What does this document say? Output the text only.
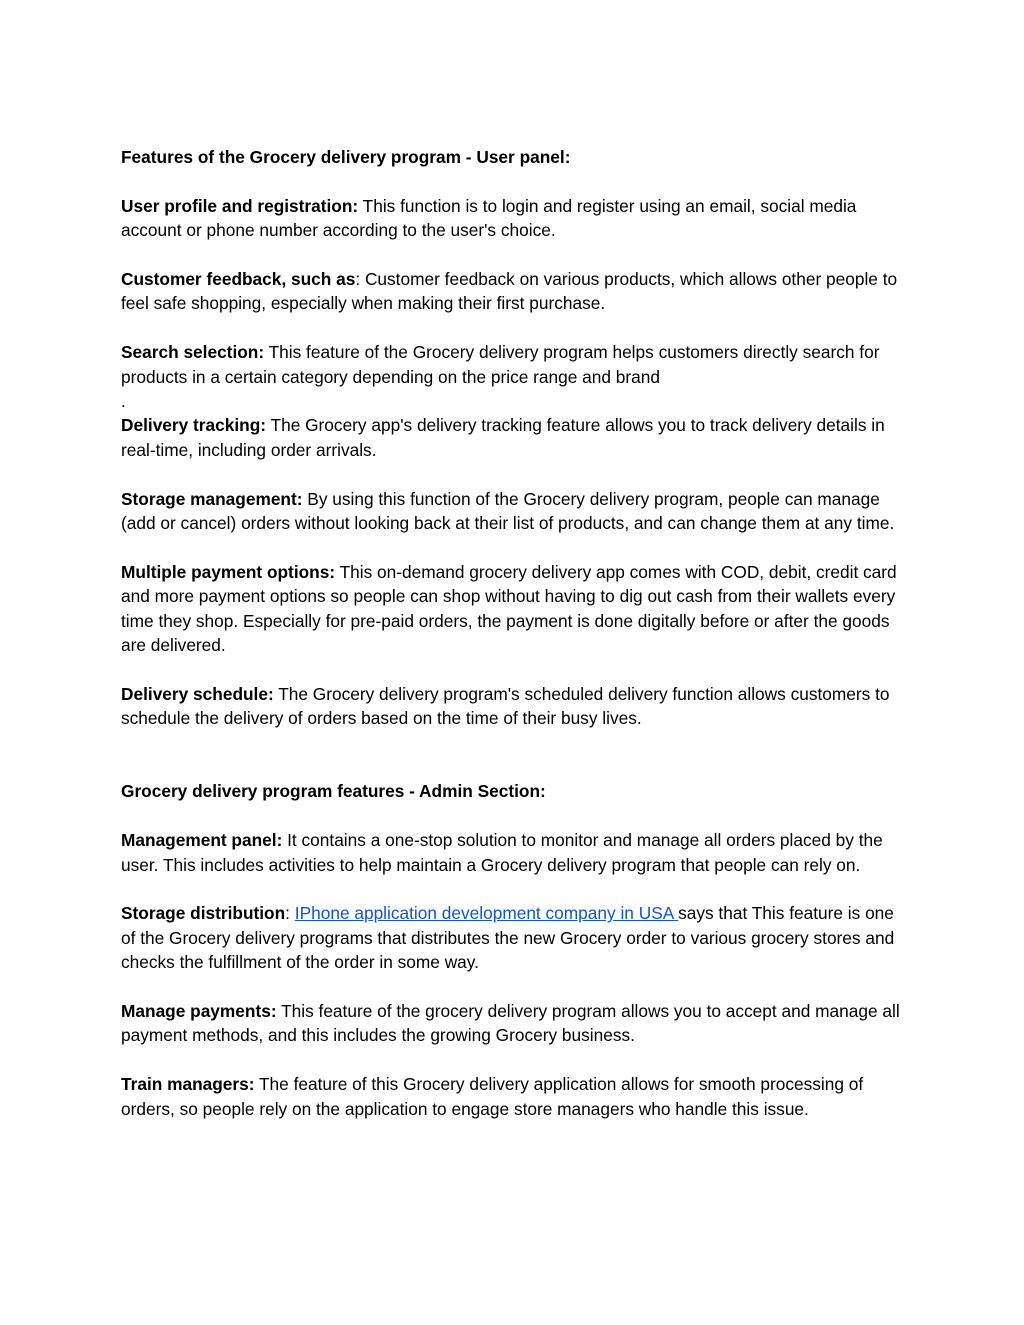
Features of the Grocery delivery program - User panel:

User profile and registration: This function is to login and register using an email, social media account or phone number according to the user's choice.

Customer feedback, such as: Customer feedback on various products, which allows other people to feel safe shopping, especially when making their first purchase.

Search selection: This feature of the Grocery delivery program helps customers directly search for products in a certain category depending on the price range and brand

.

Delivery tracking: The Grocery app's delivery tracking feature allows you to track delivery details in real-time, including order arrivals.

Storage management: By using this function of the Grocery delivery program, people can manage (add or cancel) orders without looking back at their list of products, and can change them at any time.

Multiple payment options: This on-demand grocery delivery app comes with COD, debit, credit card and more payment options so people can shop without having to dig out cash from their wallets every time they shop. Especially for pre-paid orders, the payment is done digitally before or after the goods are delivered.

Delivery schedule: The Grocery delivery program's scheduled delivery function allows customers to schedule the delivery of orders based on the time of their busy lives.

Grocery delivery program features - Admin Section:

Management panel: It contains a one-stop solution to monitor and manage all orders placed by the user. This includes activities to help maintain a Grocery delivery program that people can rely on.

Storage distribution: IPhone application development company in USA says that This feature is one of the Grocery delivery programs that distributes the new Grocery order to various grocery stores and checks the fulfillment of the order in some way.

Manage payments: This feature of the grocery delivery program allows you to accept and manage all payment methods, and this includes the growing Grocery business.

Train managers: The feature of this Grocery delivery application allows for smooth processing of orders, so people rely on the application to engage store managers who handle this issue.
